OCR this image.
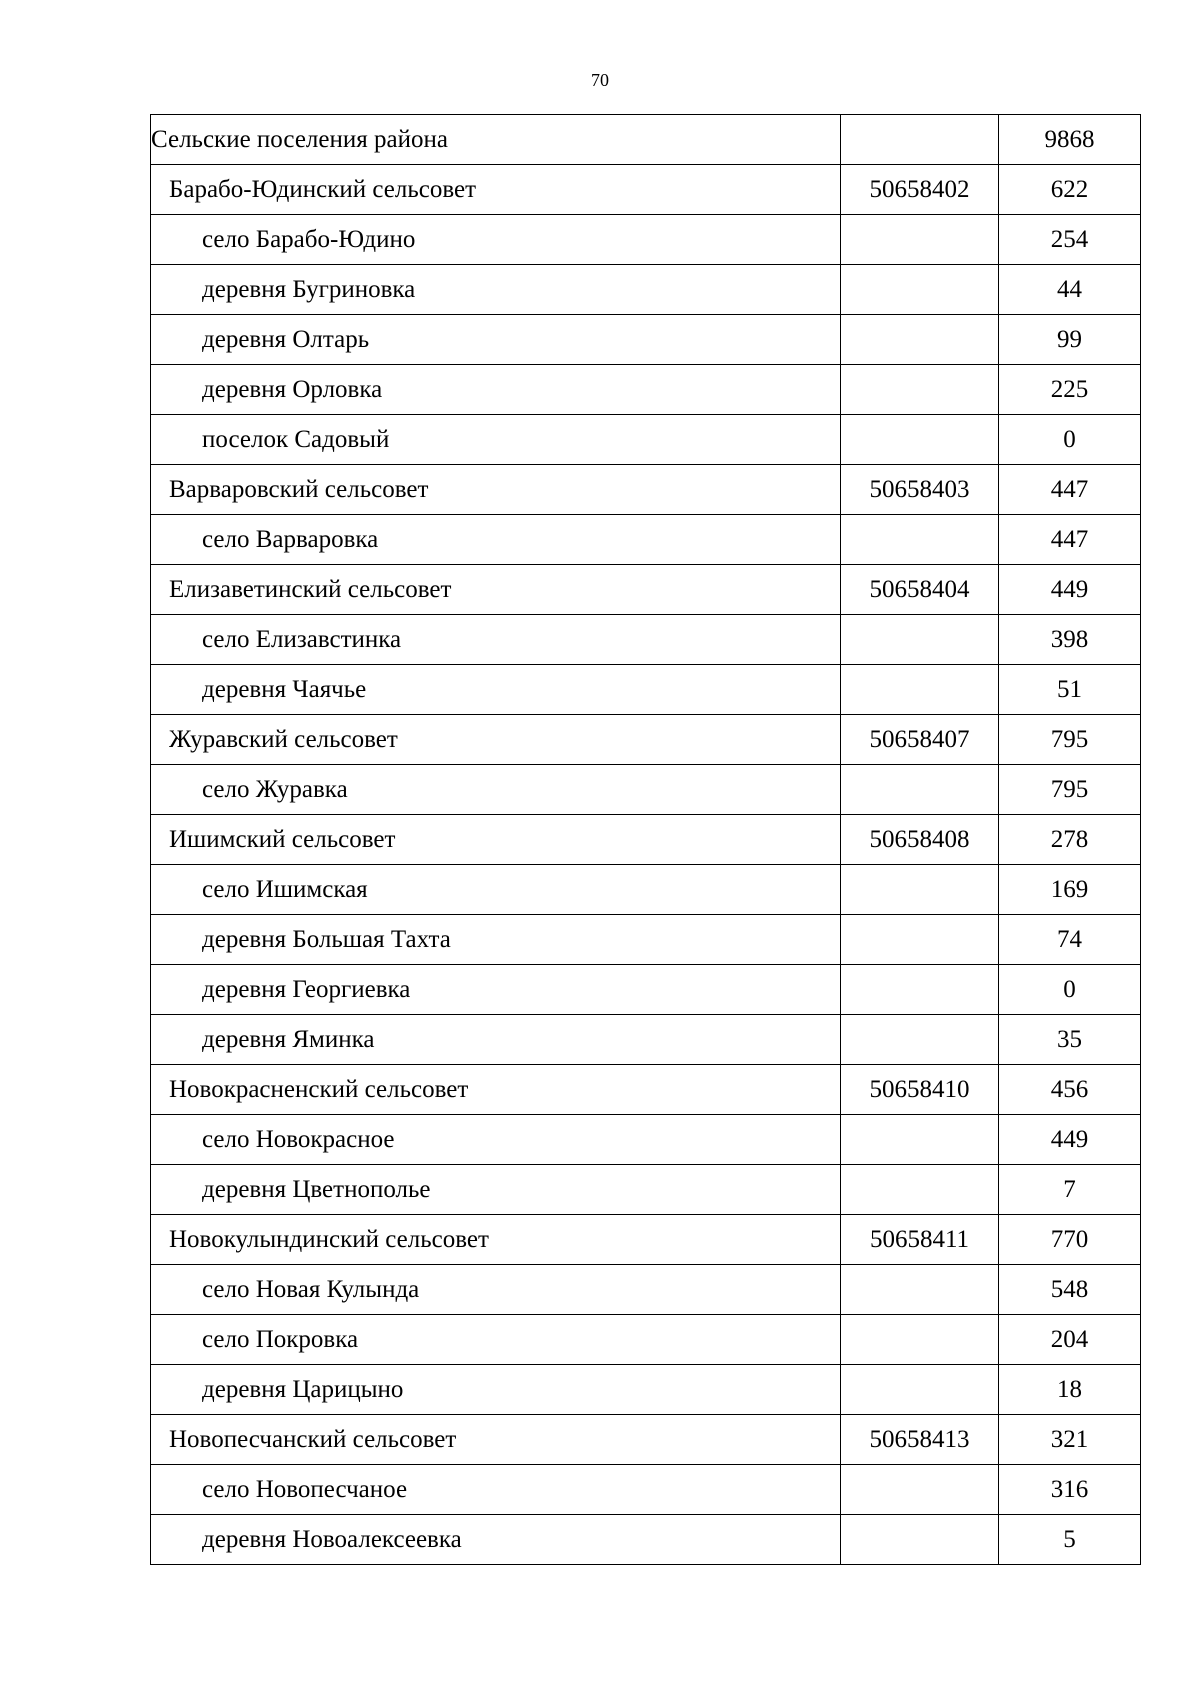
70
Сельские поселения района		9868
Барабо-Юдинский сельсовет	50658402	622
село Барабо-Юдино		254
деревня Бугриновка		44
деревня Олтарь		99
деревня Орловка		225
поселок Садовый		0
Варваровский сельсовет	50658403	447
село Варваровка		447
Елизаветинский сельсовет	50658404	449
село Елизавстинка		398
деревня Чаячье		51
Журавский сельсовет	50658407	795
село Журавка		795
Ишимский сельсовет	50658408	278
село Ишимская		169
деревня Большая Тахта		74
деревня Георгиевка		0
деревня Яминка		35
Новокрасненский сельсовет	50658410	456
село Новокрасное		449
деревня Цветнополье		7
Новокулындинский сельсовет	50658411	770
село Новая Кулында		548
село Покровка		204
деревня Царицыно		18
Новопесчанский сельсовет	50658413	321
село Новопесчаное		316
деревня Новоалексеевка		5
